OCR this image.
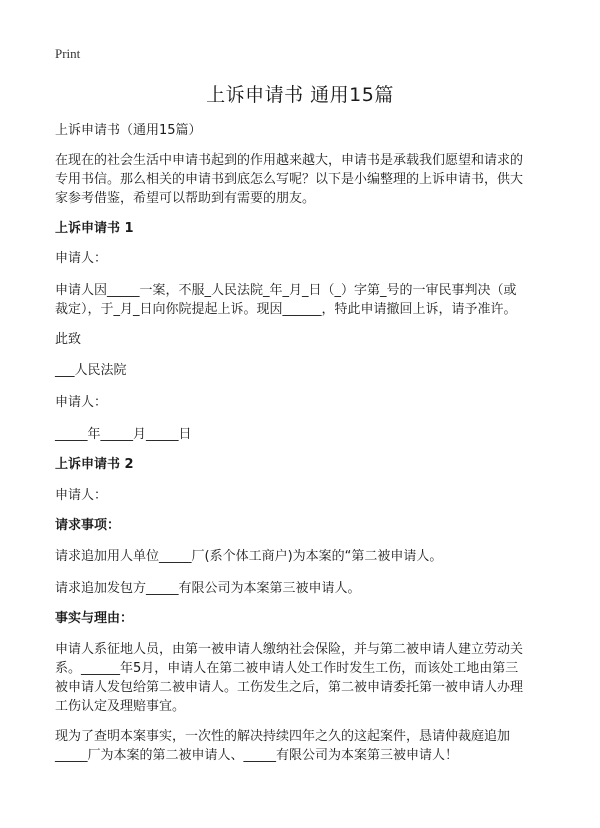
Print
上诉申请书 通用15篇
上诉申请书（通用15篇）
在现在的社会生活中申请书起到的作用越来越大，申请书是承载我们愿望和请求的
专用书信。那么相关的申请书到底怎么写呢？以下是小编整理的上诉申请书，供大
家参考借鉴，希望可以帮助到有需要的朋友。
上诉申请书 1
申请人：
申请人因_____一案，不服_人民法院_年_月_日（_）字第_号的一审民事判决（或
裁定），于_月_日向你院提起上诉。现因______，特此申请撤回上诉，请予准许。
此致
___人民法院
申请人：
_____年_____月_____日
上诉申请书 2
申请人：
请求事项：
请求追加用人单位_____厂(系个体工商户)为本案的“第二被申请人。
请求追加发包方_____有限公司为本案第三被申请人。
事实与理由：
申请人系征地人员，由第一被申请人缴纳社会保险，并与第二被申请人建立劳动关
系。______年5月，申请人在第二被申请人处工作时发生工伤，而该处工地由第三
被申请人发包给第二被申请人。工伤发生之后，第二被申请委托第一被申请人办理
工伤认定及理赔事宜。
现为了查明本案事实，一次性的解决持续四年之久的这起案件，恳请仲裁庭追加
_____厂为本案的第二被申请人、_____有限公司为本案第三被申请人！
